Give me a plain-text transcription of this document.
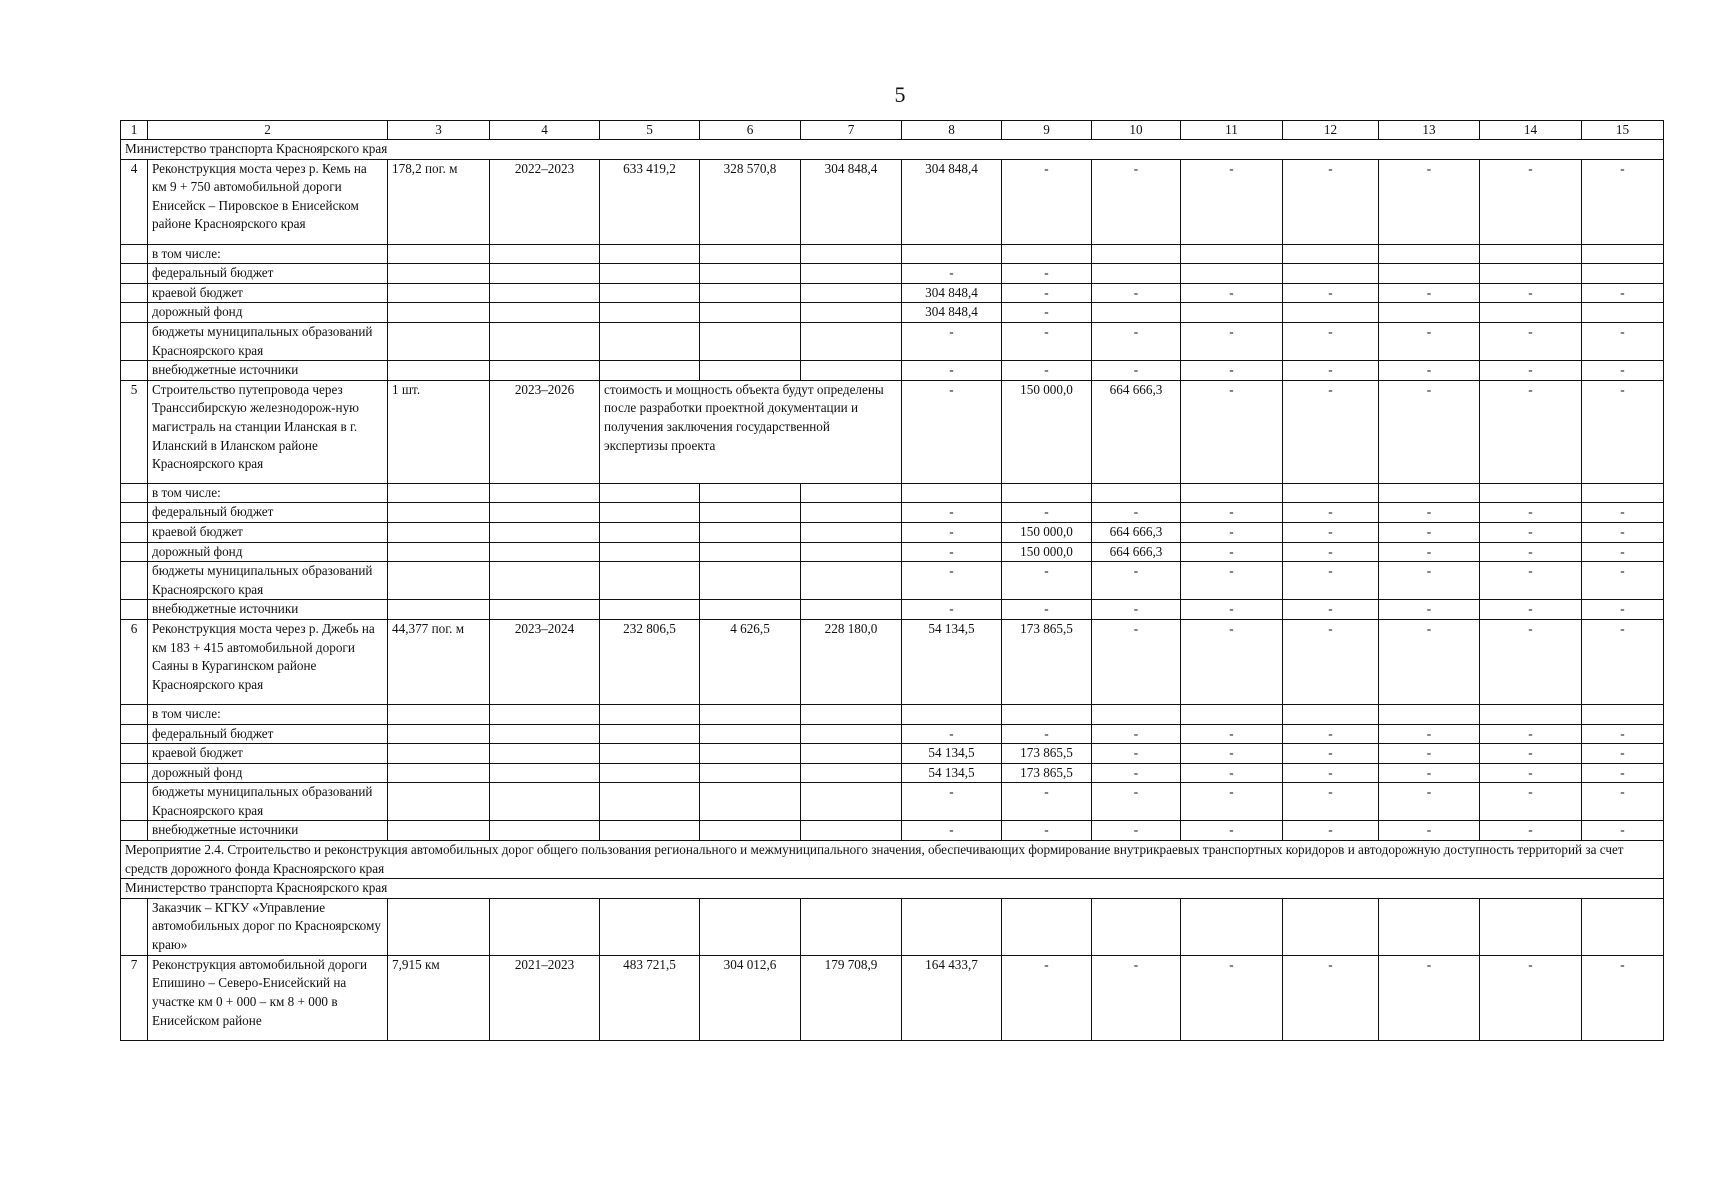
5
1	2	3	4	5	6	7	8	9	10	11	12	13	14	15
Министерство транспорта Красноярского края														
4	Реконструкция моста через р. Кемь на км 9 + 750 автомобильной дороги Енисейск – Пировское в Енисейском районе Красноярского края	178,2 пог. м	2022–2023	633 419,2	328 570,8	304 848,4	304 848,4	-	-	-	-	-	-	-
	в том числе:													
	федеральный бюджет						-	-						
	краевой бюджет						304 848,4	-	-	-	-	-	-	-
	дорожный фонд						304 848,4	-						
	бюджеты муниципальных образований Красноярского края						-	-	-	-	-	-	-	-
	внебюджетные источники						-	-	-	-	-	-	-	-
5	Строительство путепровода через Транссибирскую железнодорож-ную магистраль на станции Иланская в г. Иланский в Иланском районе Красноярского края	1 шт.	2023–2026	стоимость и мощность объекта будут определены после разработки проектной документации и получения заключения государственной экспертизы проекта			-	150 000,0	664 666,3	-	-	-	-	-
	в том числе:													
	федеральный бюджет						-	-	-	-	-	-	-	-
	краевой бюджет						-	150 000,0	664 666,3	-	-	-	-	-
	дорожный фонд						-	150 000,0	664 666,3	-	-	-	-	-
	бюджеты муниципальных образований Красноярского края						-	-	-	-	-	-	-	-
	внебюджетные источники						-	-	-	-	-	-	-	-
6	Реконструкция моста через р. Джебь на км 183 + 415 автомобильной дороги Саяны в Курагинском районе Красноярского края	44,377 пог. м	2023–2024	232 806,5	4 626,5	228 180,0	54 134,5	173 865,5	-	-	-	-	-	-
	в том числе:													
	федеральный бюджет						-	-	-	-	-	-	-	-
	краевой бюджет						54 134,5	173 865,5	-	-	-	-	-	-
	дорожный фонд						54 134,5	173 865,5	-	-	-	-	-	-
	бюджеты муниципальных образований Красноярского края						-	-	-	-	-	-	-	-
	внебюджетные источники						-	-	-	-	-	-	-	-
Мероприятие 2.4. Строительство и реконструкция автомобильных дорог общего пользования регионального и межмуниципального значения, обеспечивающих формирование внутрикраевых транспортных коридоров и автодорожную доступность территорий за счет средств дорожного фонда Красноярского края														
Министерство транспорта Красноярского края														
	Заказчик – КГКУ «Управление автомобильных дорог по Красноярскому краю»													
7	Реконструкция автомобильной дороги Епишино – Северо-Енисейский на участке км 0 + 000 – км 8 + 000 в Енисейском районе	7,915 км	2021–2023	483 721,5	304 012,6	179 708,9	164 433,7	-	-	-	-	-	-	-
